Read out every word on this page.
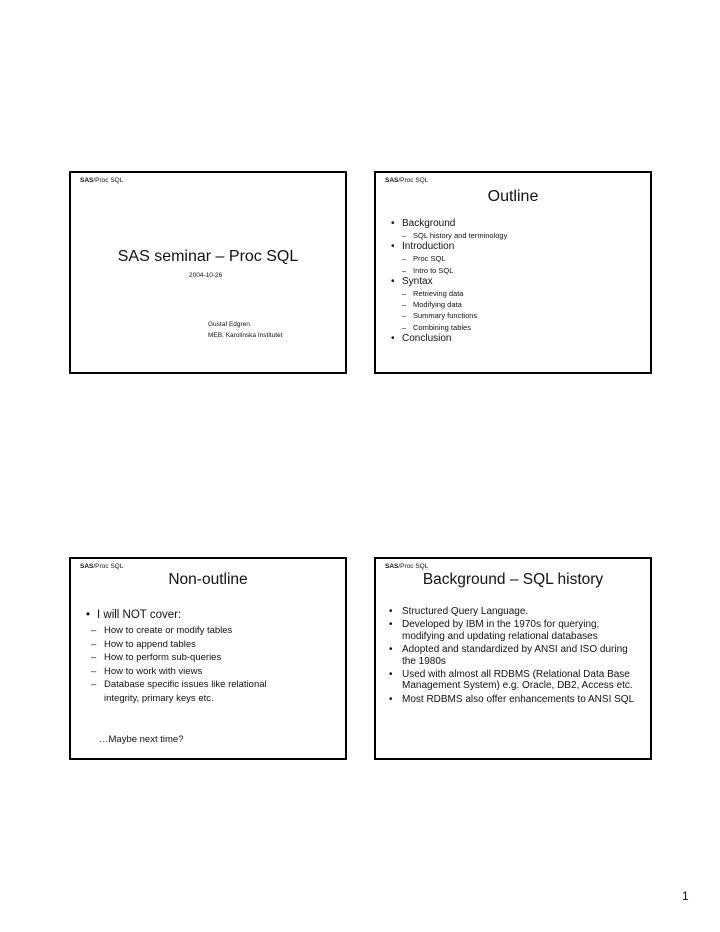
SAS/Proc SQL
SAS seminar – Proc SQL
2004-10-26
Gustaf Edgren
MEB, Karolinska Institutet
SAS/Proc SQL
Outline
• Background
– SQL history and terminology
• Introduction
– Proc SQL
– Intro to SQL
• Syntax
– Retrieving data
– Modifying data
– Summary functions
– Combining tables
• Conclusion
SAS/Proc SQL
Non-outline
• I will NOT cover:
– How to create or modify tables
– How to append tables
– How to perform sub-queries
– How to work with views
– Database specific issues like relational integrity, primary keys etc.
…Maybe next time?
SAS/Proc SQL
Background – SQL history
• Structured Query Language.
• Developed by IBM in the 1970s for querying, modifying and updating relational databases
• Adopted and standardized by ANSI and ISO during the 1980s
• Used with almost all RDBMS (Relational Data Base Management System) e.g. Oracle, DB2, Access etc.
• Most RDBMS also offer enhancements to ANSI SQL
1
